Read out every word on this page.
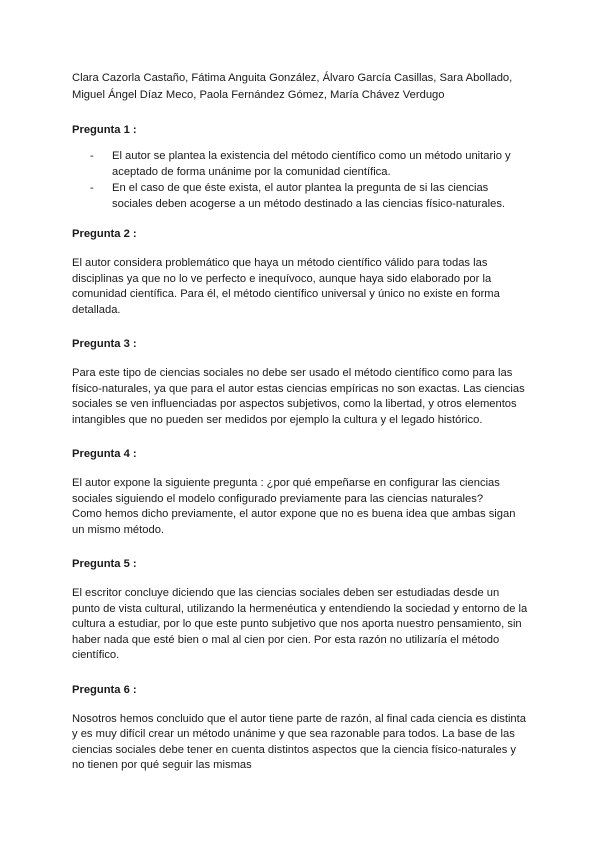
Clara Cazorla Castaño, Fátima Anguita González, Álvaro García Casillas, Sara Abollado, Miguel Ángel Díaz Meco, Paola Fernández Gómez, María Chávez Verdugo

Pregunta 1 :

- El autor se plantea la existencia del método científico como un método unitario y aceptado de forma unánime por la comunidad científica.
- En el caso de que éste exista, el autor plantea la pregunta de si las ciencias sociales deben acogerse a un método destinado a las ciencias físico-naturales.

Pregunta 2 :

El autor considera problemático que haya un método científico válido para todas las disciplinas ya que no lo ve perfecto e inequívoco, aunque haya sido elaborado por la comunidad científica. Para él, el método científico universal y único no existe en forma detallada.

Pregunta 3 :

Para este tipo de ciencias sociales no debe ser usado el método científico como para las físico-naturales, ya que para el autor estas ciencias empíricas no son exactas. Las ciencias sociales se ven influenciadas por aspectos subjetivos, como la libertad, y otros elementos intangibles que no pueden ser medidos por ejemplo la cultura y el legado histórico.

Pregunta 4 :

El autor expone la siguiente pregunta : ¿por qué empeñarse en configurar las ciencias sociales siguiendo el modelo configurado previamente para las ciencias naturales?

Como hemos dicho previamente, el autor expone que no es buena idea que ambas sigan un mismo método.

Pregunta 5 :

El escritor concluye diciendo que las ciencias sociales deben ser estudiadas desde un punto de vista cultural, utilizando la hermenéutica y entendiendo la sociedad y entorno de la cultura a estudiar, por lo que este punto subjetivo que nos aporta nuestro pensamiento, sin haber nada que esté bien o mal al cien por cien. Por esta razón no utilizaría el método científico.

Pregunta 6 :

Nosotros hemos concluido que el autor tiene parte de razón, al final cada ciencia es distinta y es muy difícil crear un método unánime y que sea razonable para todos. La base de las ciencias sociales debe tener en cuenta distintos aspectos que la ciencia físico-naturales y no tienen por qué seguir las mismas
